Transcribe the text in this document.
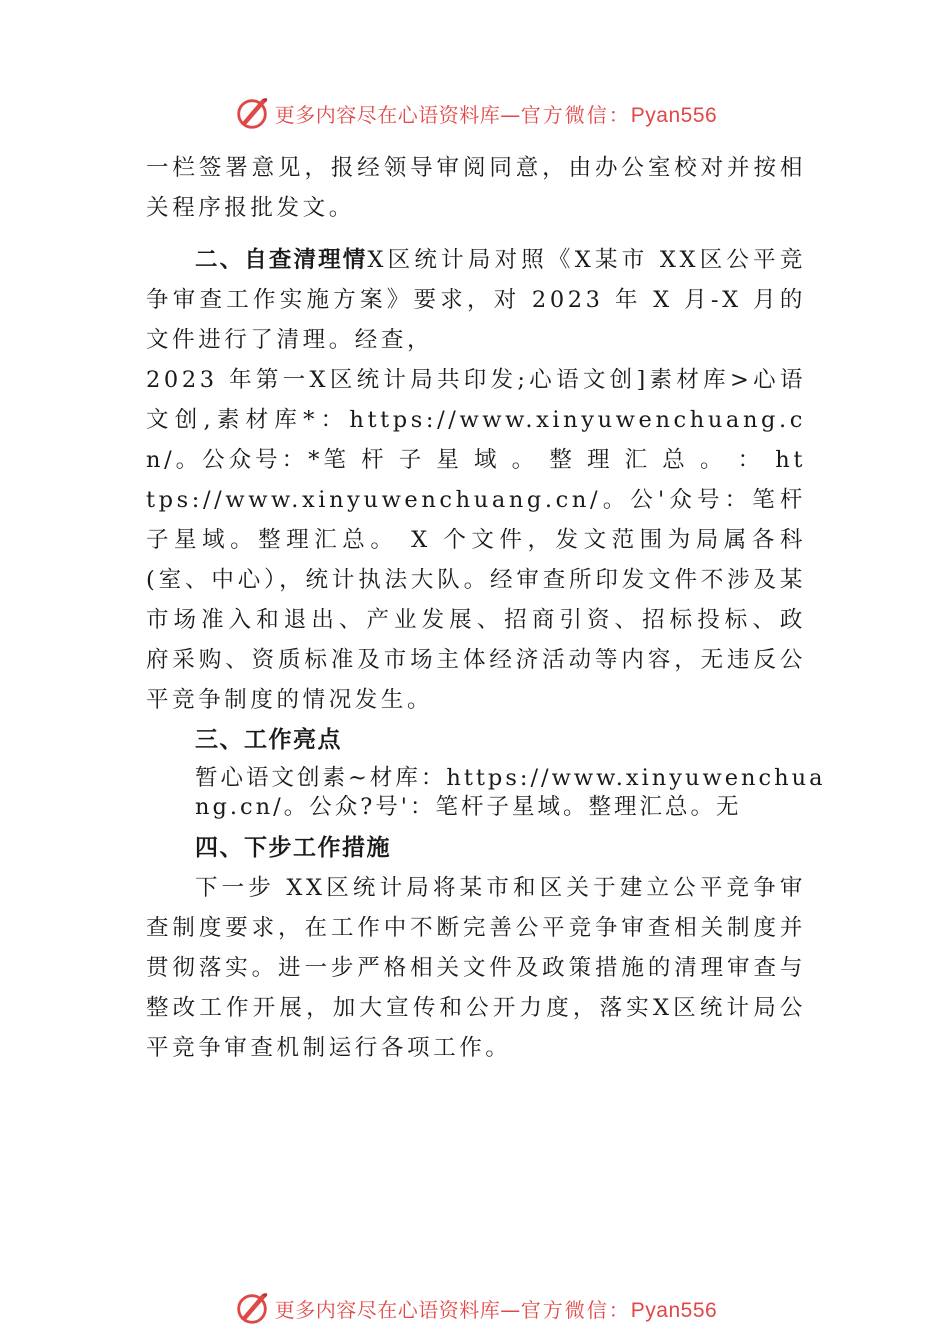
更多内容尽在心语资料库—官方微信：Pyan556

一栏签署意见，报经领导审阅同意，由办公室校对并按相关程序报批发文。

二、自查清理情X区统计局对照《X某市 XX区公平竞争审查工作实施方案》要求，对 2023 年 X 月-X 月的文件进行了清理。经查，

2023 年第一X区统计局共印发;心语文创]素材库>心语文创,素材库*：https://www.xinyuwenchuang.cn/。公众号：*笔 杆 子 星 域 。 整 理 汇 总 。 ： https://www.xinyuwenchuang.cn/。公'众号：笔杆子星域。整理汇总。 X 个文件，发文范围为局属各科(室、中心），统计执法大队。经审查所印发文件不涉及某市场准入和退出、产业发展、招商引资、招标投标、政 府采购、资质标准及市场主体经济活动等内容，无违反公平竞争制度的情况发生。

三、工作亮点

暂心语文创素~材库：https://www.xinyuwenchuang.cn/。公众?号'：笔杆子星域。整理汇总。无

四、下步工作措施

下一步 XX区统计局将某市和区关于建立公平竞争审查制度要求，在工作中不断完善公平竞争审查相关制度并贯彻落实。进一步严格相关文件及政策措施的清理审查与整改工作开展，加大宣传和公开力度，落实X区统计局公平竞争审查机制运行各项工作。

更多内容尽在心语资料库—官方微信：Pyan556
